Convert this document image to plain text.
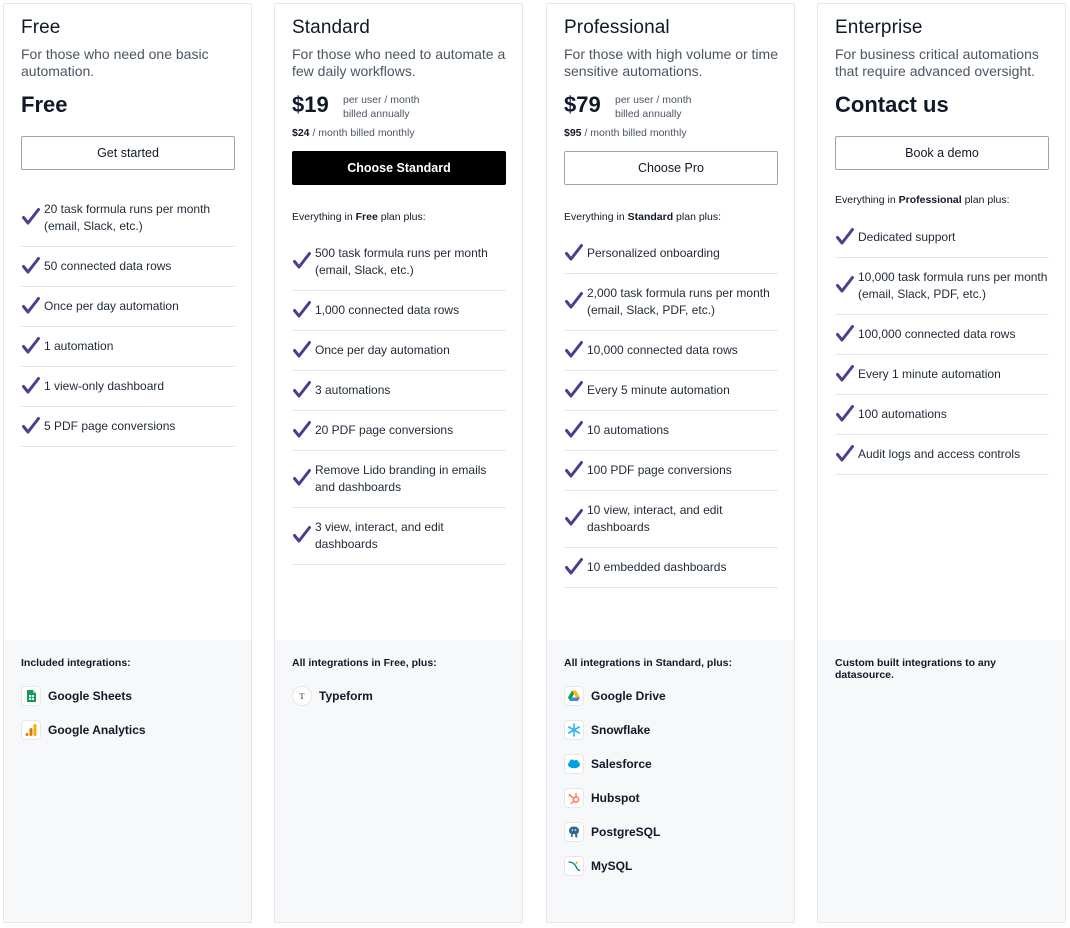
Free
For those who need one basic automation.
Free
Get started
20 task formula runs per month (email, Slack, etc.)
50 connected data rows
Once per day automation
1 automation
1 view-only dashboard
5 PDF page conversions
Included integrations:
Google Sheets
Google Analytics
Standard
For those who need to automate a few daily workflows.
$19 per user / month
billed annually
$24 / month billed monthly
Choose Standard
Everything in Free plan plus:
500 task formula runs per month (email, Slack, etc.)
1,000 connected data rows
Once per day automation
3 automations
20 PDF page conversions
Remove Lido branding in emails and dashboards
3 view, interact, and edit dashboards
All integrations in Free, plus:
T Typeform
Professional
For those with high volume or time sensitive automations.
$79 per user / month
billed annually
$95 / month billed monthly
Choose Pro
Everything in Standard plan plus:
Personalized onboarding
2,000 task formula runs per month (email, Slack, PDF, etc.)
10,000 connected data rows
Every 5 minute automation
10 automations
100 PDF page conversions
10 view, interact, and edit dashboards
10 embedded dashboards
All integrations in Standard, plus:
Google Drive
Snowflake
Salesforce
Hubspot
PostgreSQL
MySQL
Enterprise
For business critical automations that require advanced oversight.
Contact us
Book a demo
Everything in Professional plan plus:
Dedicated support
10,000 task formula runs per month (email, Slack, PDF, etc.)
100,000 connected data rows
Every 1 minute automation
100 automations
Audit logs and access controls
Custom built integrations to any datasource.
